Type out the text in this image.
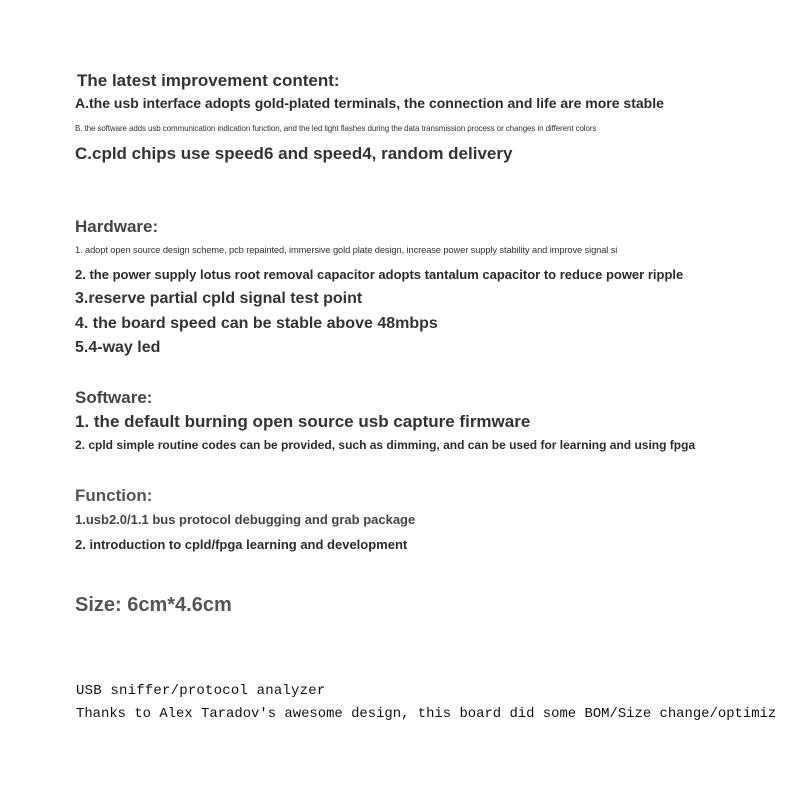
The latest improvement content:
A.the usb interface adopts gold-plated terminals, the connection and life are more stable
B. the software adds usb communication indication function, and the led light flashes during the data transmission process or changes in different colors
C.cpld chips use speed6 and speed4, random delivery
Hardware:
1. adopt open source design scheme, pcb repainted, immersive gold plate design, increase power supply stability and improve signal si
2. the power supply lotus root removal capacitor adopts tantalum capacitor to reduce power ripple
3.reserve partial cpld signal test point
4. the board speed can be stable above 48mbps
5.4-way led
Software:
1. the default burning open source usb capture firmware
2. cpld simple routine codes can be provided, such as dimming, and can be used for learning and using fpga
Function:
1.usb2.0/1.1 bus protocol debugging and grab package
2. introduction to cpld/fpga learning and development
Size: 6cm*4.6cm
USB sniffer/protocol analyzer
Thanks to Alex Taradov's awesome design, this board did some BOM/Size change/optimiz
